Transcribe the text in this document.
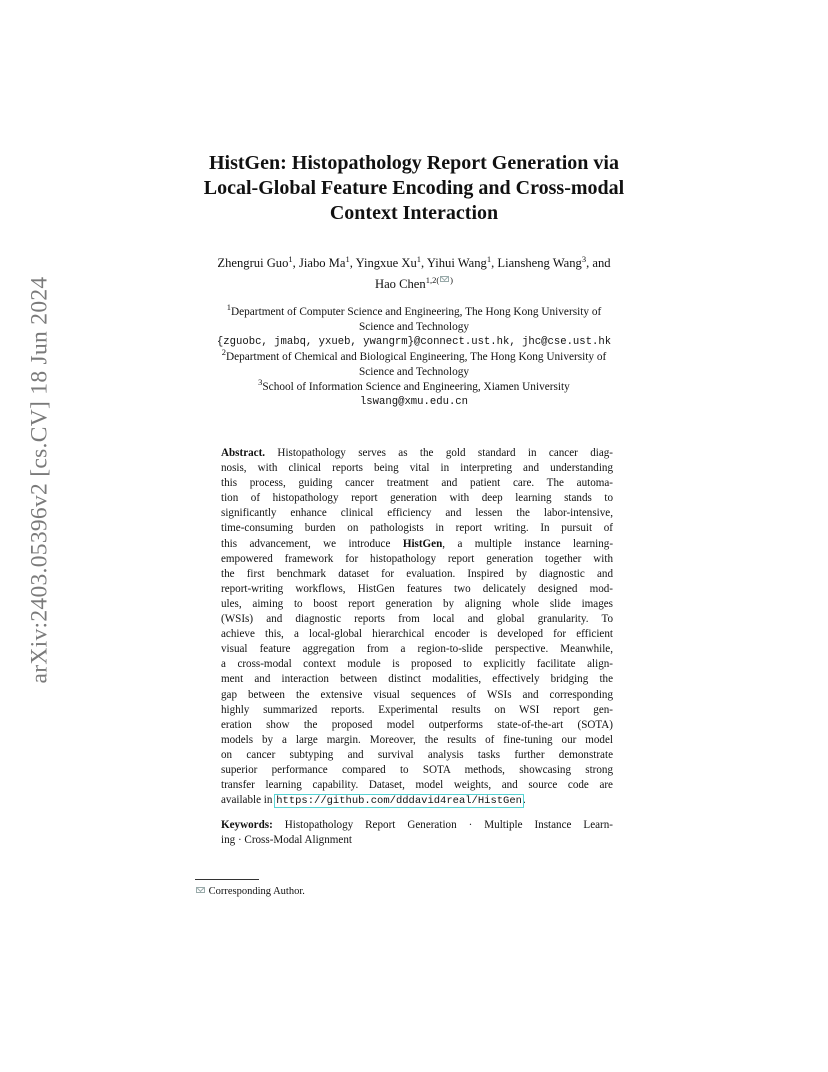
arXiv:2403.05396v2 [cs.CV] 18 Jun 2024
HistGen: Histopathology Report Generation via
Local-Global Feature Encoding and Cross-modal
Context Interaction
Zhengrui Guo$^1$, Jiabo Ma$^1$, Yingxue Xu$^1$, Yihui Wang$^1$, Liansheng Wang$^3$, and
Hao Chen$^{1,2( )}$
$^1$Department of Computer Science and Engineering, The Hong Kong University of
Science and Technology
{zguobc, jmabq, yxueb, ywangrm}@connect.ust.hk, jhc@cse.ust.hk
$^2$Department of Chemical and Biological Engineering, The Hong Kong University of
Science and Technology
$^3$School of Information Science and Engineering, Xiamen University
lswang@xmu.edu.cn
Abstract. Histopathology serves as the gold standard in cancer diag-
nosis, with clinical reports being vital in interpreting and understanding
this process, guiding cancer treatment and patient care. The automa-
tion of histopathology report generation with deep learning stands to
significantly enhance clinical efficiency and lessen the labor-intensive,
time-consuming burden on pathologists in report writing. In pursuit of
this advancement, we introduce HistGen, a multiple instance learning-
empowered framework for histopathology report generation together with
the first benchmark dataset for evaluation. Inspired by diagnostic and
report-writing workflows, HistGen features two delicately designed mod-
ules, aiming to boost report generation by aligning whole slide images
(WSIs) and diagnostic reports from local and global granularity. To
achieve this, a local-global hierarchical encoder is developed for efficient
visual feature aggregation from a region-to-slide perspective. Meanwhile,
a cross-modal context module is proposed to explicitly facilitate align-
ment and interaction between distinct modalities, effectively bridging the
gap between the extensive visual sequences of WSIs and corresponding
highly summarized reports. Experimental results on WSI report gen-
eration show the proposed model outperforms state-of-the-art (SOTA)
models by a large margin. Moreover, the results of fine-tuning our model
on cancer subtyping and survival analysis tasks further demonstrate
superior performance compared to SOTA methods, showcasing strong
transfer learning capability. Dataset, model weights, and source code are
available in https://github.com/dddavid4real/HistGen.
Keywords: Histopathology Report Generation · Multiple Instance Learn-
ing · Cross-Modal Alignment
Corresponding Author.
